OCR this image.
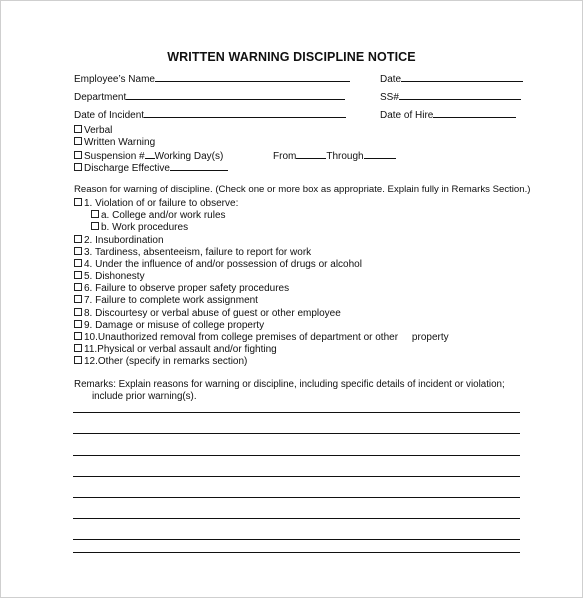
WRITTEN WARNING DISCIPLINE NOTICE
Employee’s Name	Date
Department	SS#
Date of Incident	Date of Hire
Verbal
Written Warning
Suspension # Working Day(s)	From	Through
Discharge Effective
Reason for warning of discipline. (Check one or more box as appropriate. Explain fully in Remarks Section.)
1. Violation of or failure to observe:
a. College and/or work rules
b. Work procedures
2. Insubordination
3. Tardiness, absenteeism, failure to report for work
4. Under the influence of and/or possession of drugs or alcohol
5. Dishonesty
6. Failure to observe proper safety procedures
7. Failure to complete work assignment
8. Discourtesy or verbal abuse of guest or other employee
9. Damage or misuse of college property
10.Unauthorized removal from college premises of department or other     property
11.Physical or verbal assault and/or fighting
12.Other (specify in remarks section)
Remarks: Explain reasons for warning or discipline, including specific details of incident or violation;
include prior warning(s).
